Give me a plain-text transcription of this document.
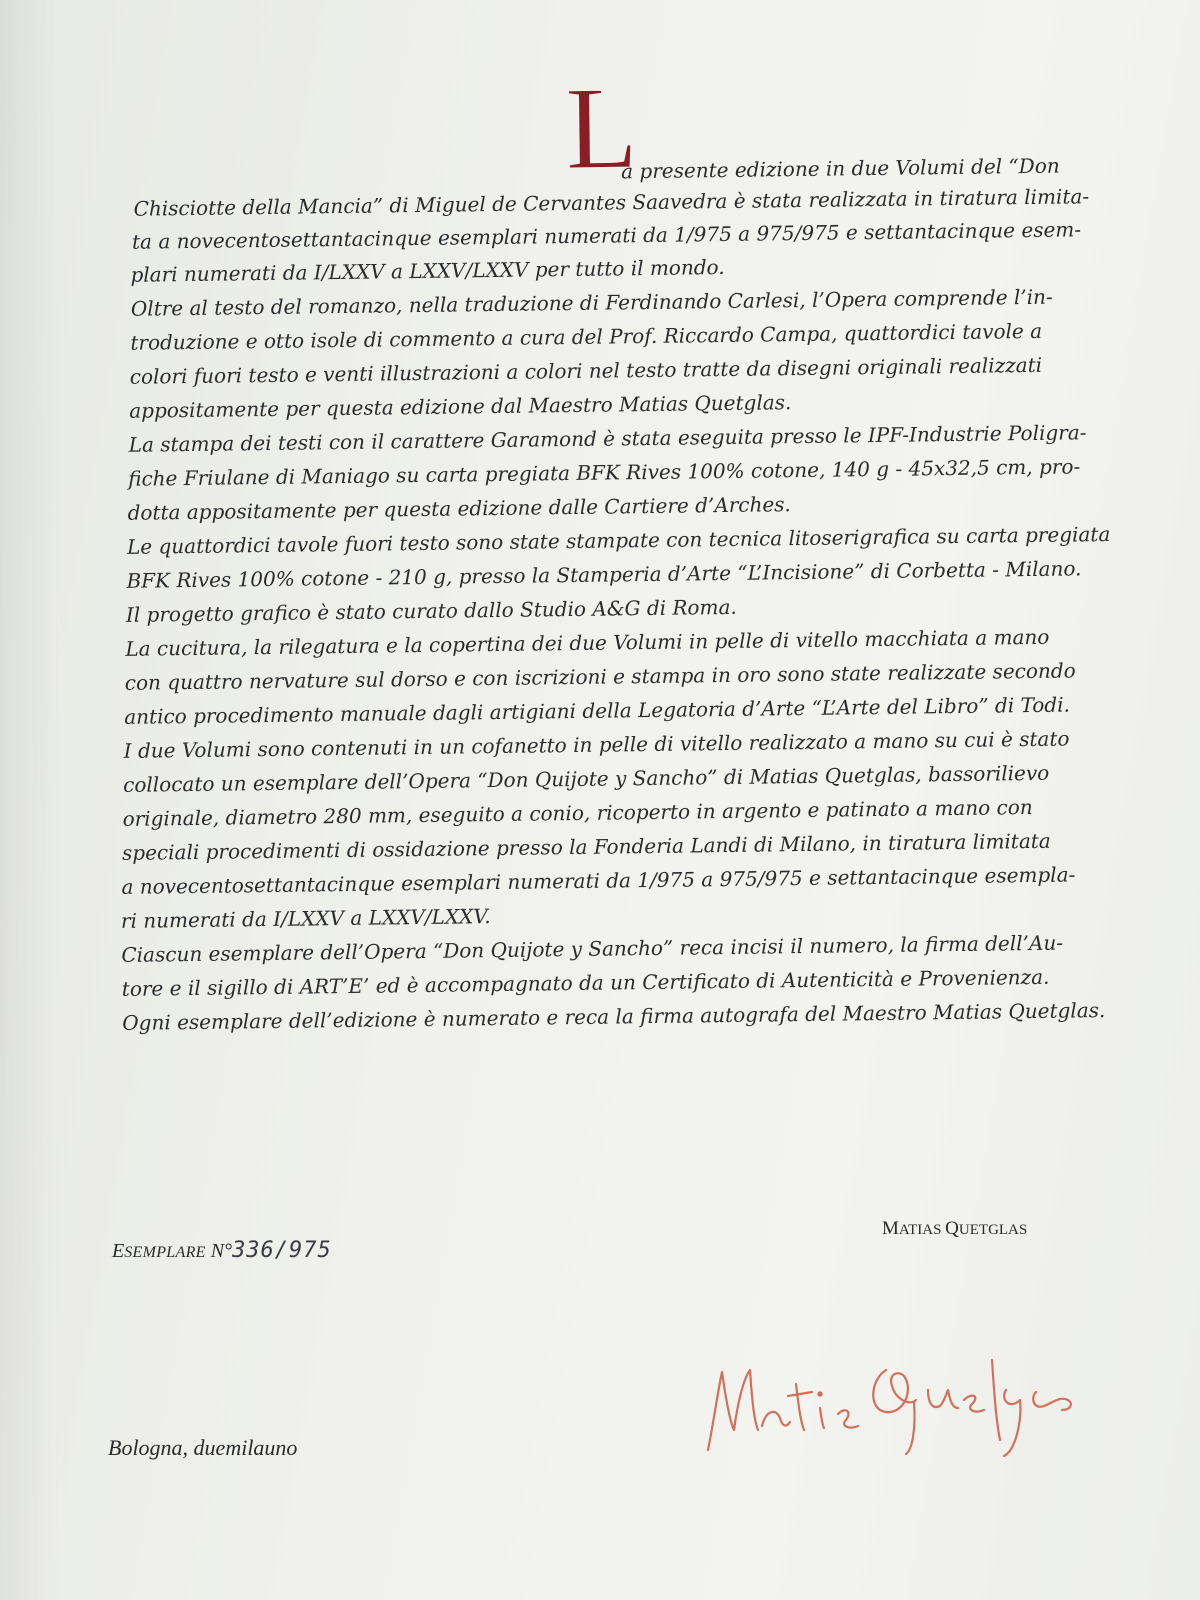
L
a presente edizione in due Volumi del “Don
Chisciotte della Mancia” di Miguel de Cervantes Saavedra è stata realizzata in tiratura limita-
ta a novecentosettantacinque esemplari numerati da 1/975 a 975/975 e settantacinque esem-
plari numerati da I/LXXV a LXXV/LXXV per tutto il mondo.
Oltre al testo del romanzo, nella traduzione di Ferdinando Carlesi, l’Opera comprende l’in-
troduzione e otto isole di commento a cura del Prof. Riccardo Campa, quattordici tavole a
colori fuori testo e venti illustrazioni a colori nel testo tratte da disegni originali realizzati
appositamente per questa edizione dal Maestro Matias Quetglas.
La stampa dei testi con il carattere Garamond è stata eseguita presso le IPF-Industrie Poligra-
fiche Friulane di Maniago su carta pregiata BFK Rives 100% cotone, 140 g - 45x32,5 cm, pro-
dotta appositamente per questa edizione dalle Cartiere d’Arches.
Le quattordici tavole fuori testo sono state stampate con tecnica litoserigrafica su carta pregiata
BFK Rives 100% cotone - 210 g, presso la Stamperia d’Arte “L’Incisione” di Corbetta - Milano.
Il progetto grafico è stato curato dallo Studio A&G di Roma.
La cucitura, la rilegatura e la copertina dei due Volumi in pelle di vitello macchiata a mano
con quattro nervature sul dorso e con iscrizioni e stampa in oro sono state realizzate secondo
antico procedimento manuale dagli artigiani della Legatoria d’Arte “L’Arte del Libro” di Todi.
I due Volumi sono contenuti in un cofanetto in pelle di vitello realizzato a mano su cui è stato
collocato un esemplare dell’Opera “Don Quijote y Sancho” di Matias Quetglas, bassorilievo
originale, diametro 280 mm, eseguito a conio, ricoperto in argento e patinato a mano con
speciali procedimenti di ossidazione presso la Fonderia Landi di Milano, in tiratura limitata
a novecentosettantacinque esemplari numerati da 1/975 a 975/975 e settantacinque esempla-
ri numerati da I/LXXV a LXXV/LXXV.
Ciascun esemplare dell’Opera “Don Quijote y Sancho” reca incisi il numero, la firma dell’Au-
tore e il sigillo di ART’E’ ed è accompagnato da un Certificato di Autenticità e Provenienza.
Ogni esemplare dell’edizione è numerato e reca la firma autografa del Maestro Matias Quetglas.
ESEMPLARE N°336/975
MATIAS QUETGLAS
Bologna, duemilauno
